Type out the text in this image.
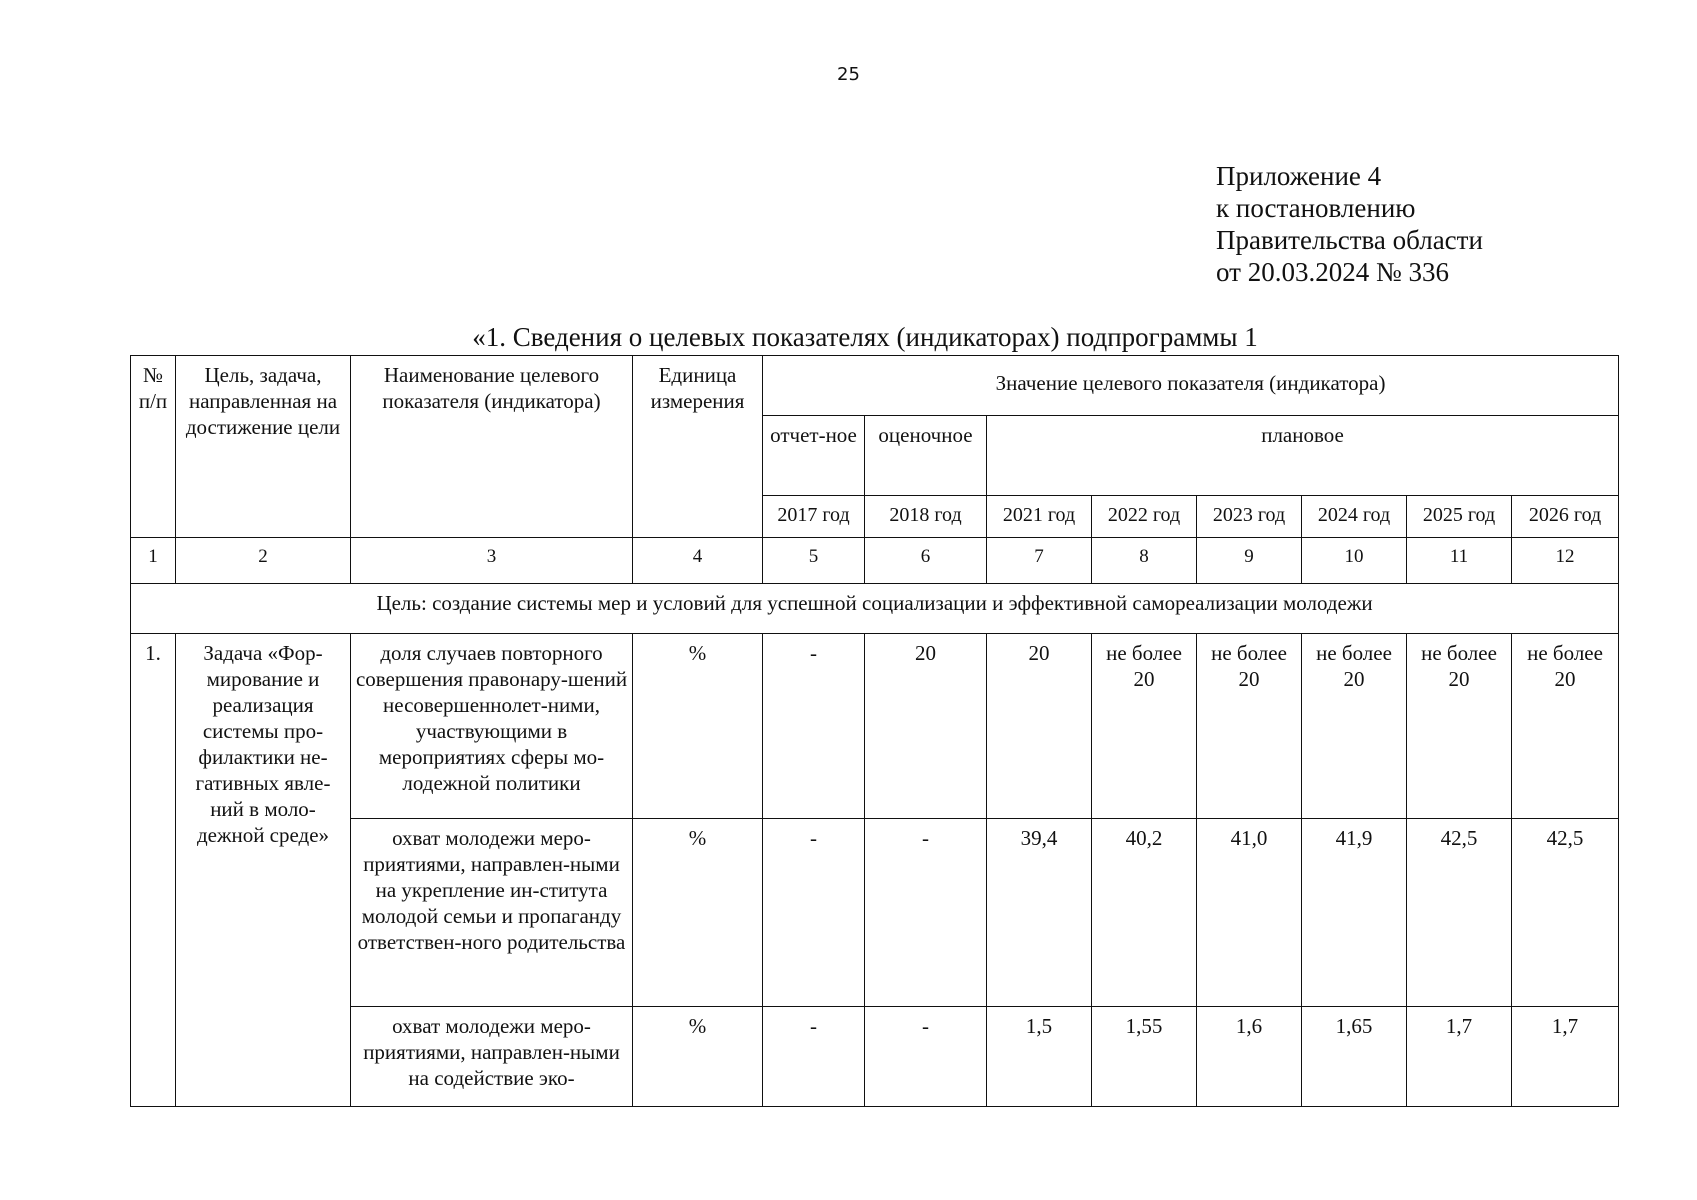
25
Приложение 4
к постановлению
Правительства области
от 20.03.2024 № 336
«1. Сведения о целевых показателях (индикаторах) подпрограммы 1
№ п/п	Цель, задача, направленная на достижение цели	Наименование целевого показателя (индикатора)	Единица измерения	Значение целевого показателя (индикатора)							
				отчет-ное	оценочное	плановое					
				2017 год	2018 год	2021 год	2022 год	2023 год	2024 год	2025 год	2026 год
1	2	3	4	5	6	7	8	9	10	11	12
Цель: создание системы мер и условий для успешной социализации и эффективной самореализации молодежи											
1.	Задача «Фор-мирование и реализация системы про-филактики не-гативных явле-ний в моло-дежной среде»	доля случаев повторного совершения правонару-шений несовершеннолет-ними, участвующими в мероприятиях сферы мо-лодежной политики	%	-	20	20	не более 20	не более 20	не более 20	не более 20	не более 20
		охват молодежи меро-приятиями, направлен-ными на укрепление ин-ститута молодой семьи и пропаганду ответствен-ного родительства	%	-	-	39,4	40,2	41,0	41,9	42,5	42,5
		охват молодежи меро-приятиями, направлен-ными на содействие эко-	%	-	-	1,5	1,55	1,6	1,65	1,7	1,7
